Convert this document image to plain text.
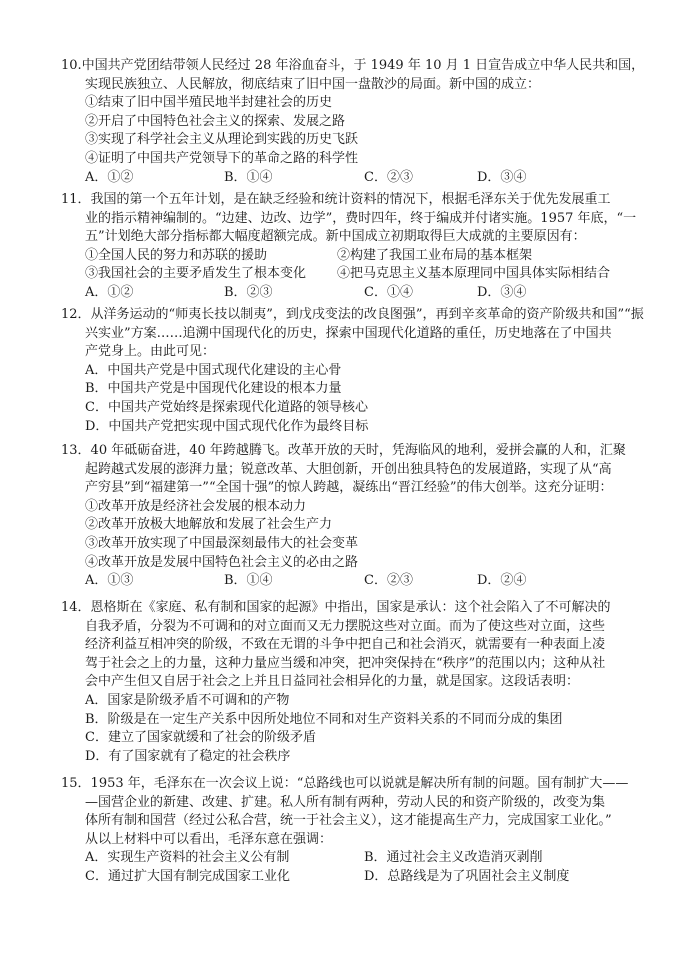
10.中国共产党团结带领人民经过 28 年浴血奋斗，于 1949 年 10 月 1 日宣告成立中华人民共和国，
实现民族独立、人民解放，彻底结束了旧中国一盘散沙的局面。新中国的成立：
①结束了旧中国半殖民地半封建社会的历史
②开启了中国特色社会主义的探索、发展之路
③实现了科学社会主义从理论到实践的历史飞跃
④证明了中国共产党领导下的革命之路的科学性
A．①②	B．①④	C．②③	D．③④
11．我国的第一个五年计划，是在缺乏经验和统计资料的情况下，根据毛泽东关于优先发展重工
业的指示精神编制的。“边建、边改、边学”，费时四年，终于编成并付诸实施。1957 年底，“一
五”计划绝大部分指标都大幅度超额完成。新中国成立初期取得巨大成就的主要原因有：
①全国人民的努力和苏联的援助	②构建了我国工业布局的基本框架
③我国社会的主要矛盾发生了根本变化 ④把马克思主义基本原理同中国具体实际相结合
A．①②	B．②③	C．①④	D．③④
12．从洋务运动的“师夷长技以制夷”，到戊戌变法的改良图强”，再到辛亥革命的资产阶级共和国”“振
兴实业”方案……追溯中国现代化的历史，探索中国现代化道路的重任，历史地落在了中国共
产党身上。由此可见：
A．中国共产党是中国式现代化建设的主心骨
B．中国共产党是中国现代化建设的根本力量
C．中国共产党始终是探索现代化道路的领导核心
D．中国共产党把实现中国式现代化作为最终目标
13．40 年砥砺奋进，40 年跨越腾飞。改革开放的天时，凭海临风的地利，爱拼会赢的人和，汇聚
起跨越式发展的澎湃力量；锐意改革、大胆创新，开创出独具特色的发展道路，实现了从“高
产穷县”到“福建第一”“全国十强”的惊人跨越，凝练出“晋江经验”的伟大创举。这充分证明：
①改革开放是经济社会发展的根本动力
②改革开放极大地解放和发展了社会生产力
③改革开放实现了中国最深刻最伟大的社会变革
④改革开放是发展中国特色社会主义的必由之路
A．①③	B．①④	C．②③	D．②④
14．恩格斯在《家庭、私有制和国家的起源》中指出，国家是承认：这个社会陷入了不可解决的
自我矛盾，分裂为不可调和的对立面而又无力摆脱这些对立面。而为了使这些对立面，这些
经济利益互相冲突的阶级，不致在无谓的斗争中把自己和社会消灭，就需要有一种表面上凌
驾于社会之上的力量，这种力量应当缓和冲突，把冲突保持在“秩序”的范围以内；这种从社
会中产生但又自居于社会之上并且日益同社会相异化的力量，就是国家。这段话表明：
A．国家是阶级矛盾不可调和的产物
B．阶级是在一定生产关系中因所处地位不同和对生产资料关系的不同而分成的集团
C．建立了国家就缓和了社会的阶级矛盾
D．有了国家就有了稳定的社会秩序
15．1953 年，毛泽东在一次会议上说：“总路线也可以说就是解决所有制的问题。国有制扩大——
—国营企业的新建、改建、扩建。私人所有制有两种，劳动人民的和资产阶级的，改变为集
体所有制和国营（经过公私合营，统一于社会主义），这才能提高生产力，完成国家工业化。”
从以上材料中可以看出，毛泽东意在强调：
A．实现生产资料的社会主义公有制	B．通过社会主义改造消灭剥削
C．通过扩大国有制完成国家工业化	D．总路线是为了巩固社会主义制度
